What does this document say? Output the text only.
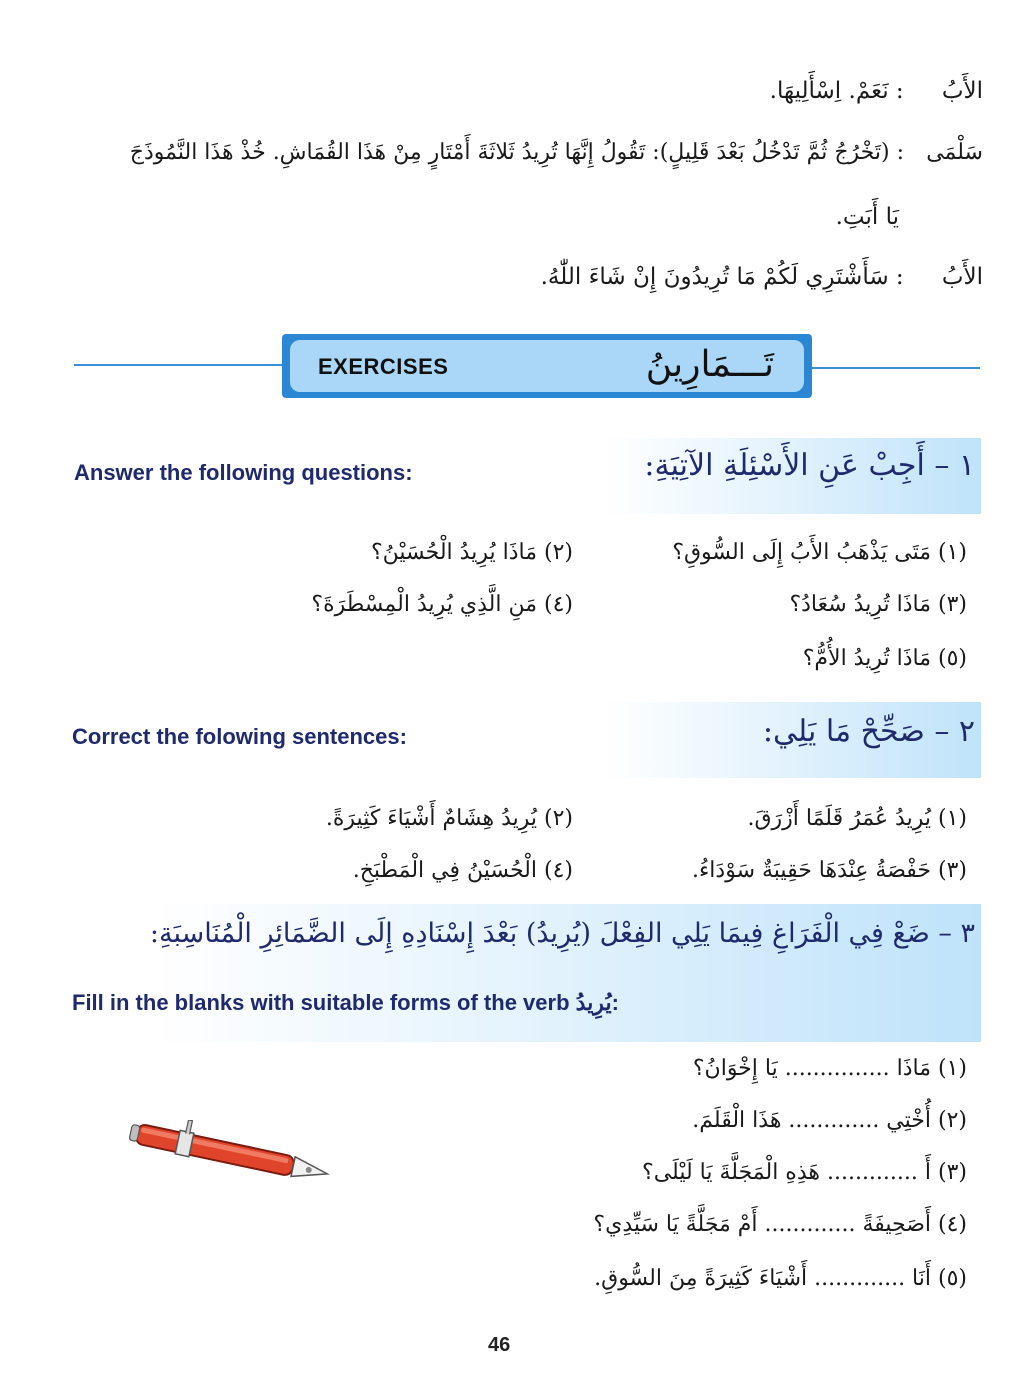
الأَبُ : نَعَمْ. اِسْأَلِيهَا.
سَلْمَى : (تَخْرُجُ ثُمَّ تَدْخُلُ بَعْدَ قَلِيلٍ): تَقُولُ إِنَّهَا تُرِيدُ ثَلاثَةَ أَمْتَارٍ مِنْ هَذَا القُمَاشِ. خُذْ هَذَا النَّمُوذَجَ
يَا أَبَتِ.
الأَبُ : سَأَشْتَرِي لَكُمْ مَا تُرِيدُونَ إِنْ شَاءَ اللّٰهُ.
EXERCISES	تَـــمَارِينُ
١ – أَجِبْ عَنِ الأَسْئِلَةِ الآتِيَةِ:
Answer the following questions:
(١) مَتَى يَذْهَبُ الأَبُ إِلَى السُّوقِ؟
(٢) مَاذَا يُرِيدُ الْحُسَيْنُ؟
(٣) مَاذَا تُرِيدُ سُعَادُ؟
(٤) مَنِ الَّذِي يُرِيدُ الْمِسْطَرَةَ؟
(٥) مَاذَا تُرِيدُ الأُمُّ؟
٢ – صَحِّحْ مَا يَلِي:
Correct the folowing sentences:
(١) يُرِيدُ عُمَرُ قَلَمًا أَزْرَقَ.
(٢) يُرِيدُ هِشَامٌ أَشْيَاءَ كَثِيرَةً.
(٣) حَفْصَةُ عِنْدَهَا حَقِيبَةٌ سَوْدَاءُ.
(٤) الْحُسَيْنُ فِي الْمَطْبَخِ.
٣ – ضَعْ فِي الْفَرَاغِ فِيمَا يَلِي الفِعْلَ (يُرِيدُ) بَعْدَ إِسْنَادِهِ إِلَى الضَّمَائِرِ الْمُنَاسِبَةِ:
Fill in the blanks with suitable forms of the verb يُرِيدُ:
(١) مَاذَا ............... يَا إِخْوَانُ؟
(٢) أُخْتِي ............. هَذَا الْقَلَمَ.
(٣) أَ ............. هَذِهِ الْمَجَلَّةَ يَا لَيْلَى؟
(٤) أَصَحِيفَةً ............. أَمْ مَجَلَّةً يَا سَيِّدِي؟
(٥) أَنَا ............. أَشْيَاءَ كَثِيرَةً مِنَ السُّوقِ.
46
